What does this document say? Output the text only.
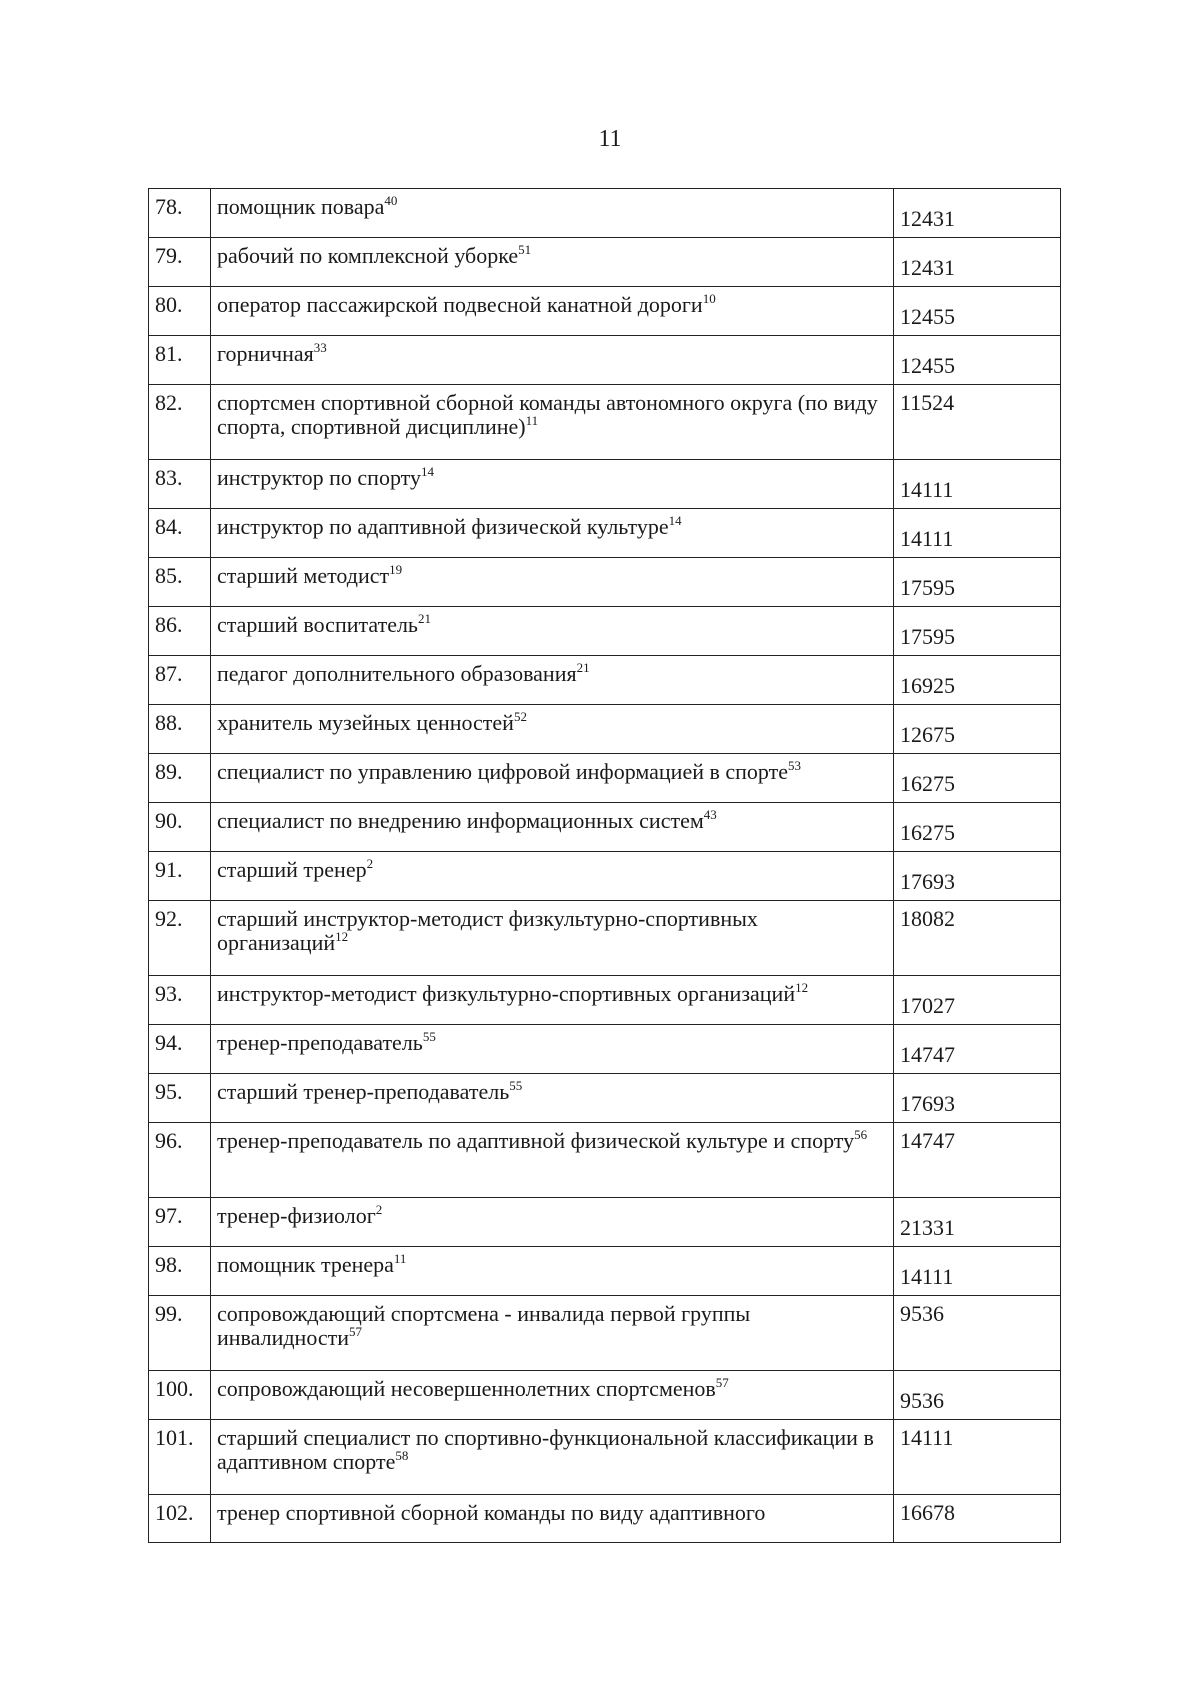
11
78.	помощник повара$^{40}$	12431
79.	рабочий по комплексной уборке$^{51}$	12431
80.	оператор пассажирской подвесной канатной дороги$^{10}$	12455
81.	горничная$^{33}$	12455
82.	спортсмен спортивной сборной команды автономного округа (по виду спорта, спортивной дисциплине)$^{11}$	11524
83.	инструктор по спорту$^{14}$	14111
84.	инструктор по адаптивной физической культуре$^{14}$	14111
85.	старший методист$^{19}$	17595
86.	старший воспитатель$^{21}$	17595
87.	педагог дополнительного образования$^{21}$	16925
88.	хранитель музейных ценностей$^{52}$	12675
89.	специалист по управлению цифровой информацией в спорте$^{53}$	16275
90.	специалист по внедрению информационных систем$^{43}$	16275
91.	старший тренер$^2$	17693
92.	старший инструктор-методист физкультурно-спортивных организаций$^{12}$	18082
93.	инструктор-методист физкультурно-спортивных организаций$^{12}$	17027
94.	тренер-преподаватель$^{55}$	14747
95.	старший тренер-преподаватель$^{55}$	17693
96.	тренер-преподаватель по адаптивной физической культуре и спорту$^{56}$	14747
97.	тренер-физиолог$^2$	21331
98.	помощник тренера$^{11}$	14111
99.	сопровождающий спортсмена - инвалида первой группы инвалидности$^{57}$	9536
100.	сопровождающий несовершеннолетних спортсменов$^{57}$	9536
101.	старший специалист по спортивно-функциональной классификации в адаптивном спорте$^{58}$	14111
102.	тренер спортивной сборной команды по виду адаптивного	16678
